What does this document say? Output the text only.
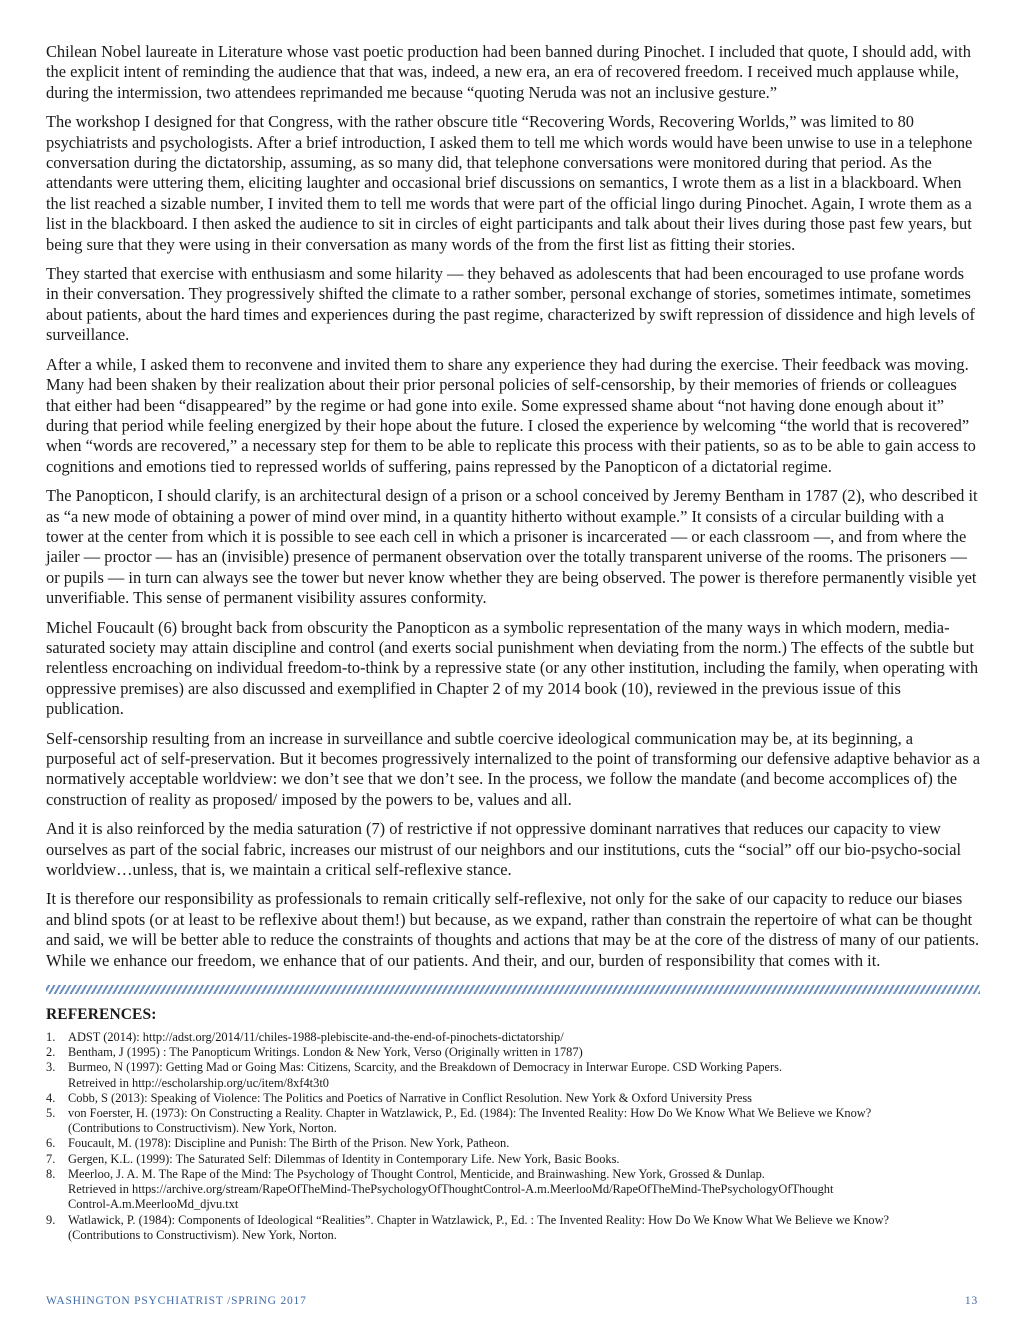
Chilean Nobel laureate in Literature whose vast poetic production had been banned during Pinochet. I included that quote, I should add, with the explicit intent of reminding the audience that that was, indeed, a new era, an era of recovered freedom. I received much applause while, during the intermission, two attendees reprimanded me because “quoting Neruda was not an inclusive gesture.”

The workshop I designed for that Congress, with the rather obscure title “Recovering Words, Recovering Worlds,” was limited to 80 psychiatrists and psychologists. After a brief introduction, I asked them to tell me which words would have been unwise to use in a telephone conversation during the dictatorship, assuming, as so many did, that telephone conversations were monitored during that period. As the attendants were uttering them, eliciting laughter and occasional brief discussions on semantics, I wrote them as a list in a blackboard. When the list reached a sizable number, I invited them to tell me words that were part of the official lingo during Pinochet. Again, I wrote them as a list in the blackboard. I then asked the audience to sit in circles of eight participants and talk about their lives during those past few years, but being sure that they were using in their conversation as many words of the from the first list as fitting their stories.

They started that exercise with enthusiasm and some hilarity — they behaved as adolescents that had been encouraged to use profane words in their conversation. They progressively shifted the climate to a rather somber, personal exchange of stories, sometimes intimate, sometimes about patients, about the hard times and experiences during the past regime, characterized by swift repression of dissidence and high levels of surveillance.

After a while, I asked them to reconvene and invited them to share any experience they had during the exercise. Their feedback was moving. Many had been shaken by their realization about their prior personal policies of self-censorship, by their memories of friends or colleagues that either had been “disappeared” by the regime or had gone into exile. Some expressed shame about “not having done enough about it” during that period while feeling energized by their hope about the future. I closed the experience by welcoming “the world that is recovered” when “words are recovered,” a necessary step for them to be able to replicate this process with their patients, so as to be able to gain access to cognitions and emotions tied to repressed worlds of suffering, pains repressed by the Panopticon of a dictatorial regime.

The Panopticon, I should clarify, is an architectural design of a prison or a school conceived by Jeremy Bentham in 1787 (2), who described it as “a new mode of obtaining a power of mind over mind, in a quantity hitherto without example.” It consists of a circular building with a tower at the center from which it is possible to see each cell in which a prisoner is incarcerated — or each classroom —, and from where the jailer — proctor — has an (invisible) presence of permanent observation over the totally transparent universe of the rooms. The prisoners — or pupils — in turn can always see the tower but never know whether they are being observed. The power is therefore permanently visible yet unverifiable. This sense of permanent visibility assures conformity.

Michel Foucault (6) brought back from obscurity the Panopticon as a symbolic representation of the many ways in which modern, media-saturated society may attain discipline and control (and exerts social punishment when deviating from the norm.) The effects of the subtle but relentless encroaching on individual freedom-to-think by a repressive state (or any other institution, including the family, when operating with oppressive premises) are also discussed and exemplified in Chapter 2 of my 2014 book (10), reviewed in the previous issue of this publication.

Self-censorship resulting from an increase in surveillance and subtle coercive ideological communication may be, at its beginning, a purposeful act of self-preservation. But it becomes progressively internalized to the point of transforming our defensive adaptive behavior as a normatively acceptable worldview: we don’t see that we don’t see. In the process, we follow the mandate (and become accomplices of) the construction of reality as proposed/ imposed by the powers to be, values and all.

And it is also reinforced by the media saturation (7) of restrictive if not oppressive dominant narratives that reduces our capacity to view ourselves as part of the social fabric, increases our mistrust of our neighbors and our institutions, cuts the “social” off our bio-psycho-social worldview…unless, that is, we maintain a critical self-reflexive stance.

It is therefore our responsibility as professionals to remain critically self-reflexive, not only for the sake of our capacity to reduce our biases and blind spots (or at least to be reflexive about them!) but because, as we expand, rather than constrain the repertoire of what can be thought and said, we will be better able to reduce the constraints of thoughts and actions that may be at the core of the distress of many of our patients. While we enhance our freedom, we enhance that of our patients. And their, and our, burden of responsibility that comes with it.

REFERENCES:
1.	ADST (2014): http://adst.org/2014/11/chiles-1988-plebiscite-and-the-end-of-pinochets-dictatorship/
2.	Bentham, J (1995) : The Panopticum Writings. London & New York, Verso (Originally written in 1787)
3.	Burmeo, N (1997): Getting Mad or Going Mas: Citizens, Scarcity, and the Breakdown of Democracy in Interwar Europe. CSD Working Papers.
Retreived in http://escholarship.org/uc/item/8xf4t3t0
4.	Cobb, S (2013): Speaking of Violence: The Politics and Poetics of Narrative in Conflict Resolution. New York & Oxford University Press
5.	von Foerster, H. (1973): On Constructing a Reality. Chapter in Watzlawick, P., Ed. (1984): The Invented Reality: How Do We Know What We Believe we Know?
(Contributions to Constructivism). New York, Norton.
6.	Foucault, M. (1978): Discipline and Punish: The Birth of the Prison. New York, Patheon.
7.	Gergen, K.L. (1999): The Saturated Self: Dilemmas of Identity in Contemporary Life. New York, Basic Books.
8.	Meerloo, J. A. M. The Rape of the Mind: The Psychology of Thought Control, Menticide, and Brainwashing. New York, Grossed & Dunlap.
Retrieved in https://archive.org/stream/RapeOfTheMind-ThePsychologyOfThoughtControl-A.m.MeerlooMd/RapeOfTheMind-ThePsychologyOfThought
Control-A.m.MeerlooMd_djvu.txt
9.	Watlawick, P. (1984): Components of Ideological “Realities”. Chapter in Watzlawick, P., Ed. : The Invented Reality: How Do We Know What We Believe we Know?
(Contributions to Constructivism). New York, Norton.
WASHINGTON PSYCHIATRIST /SPRING 2017	13
